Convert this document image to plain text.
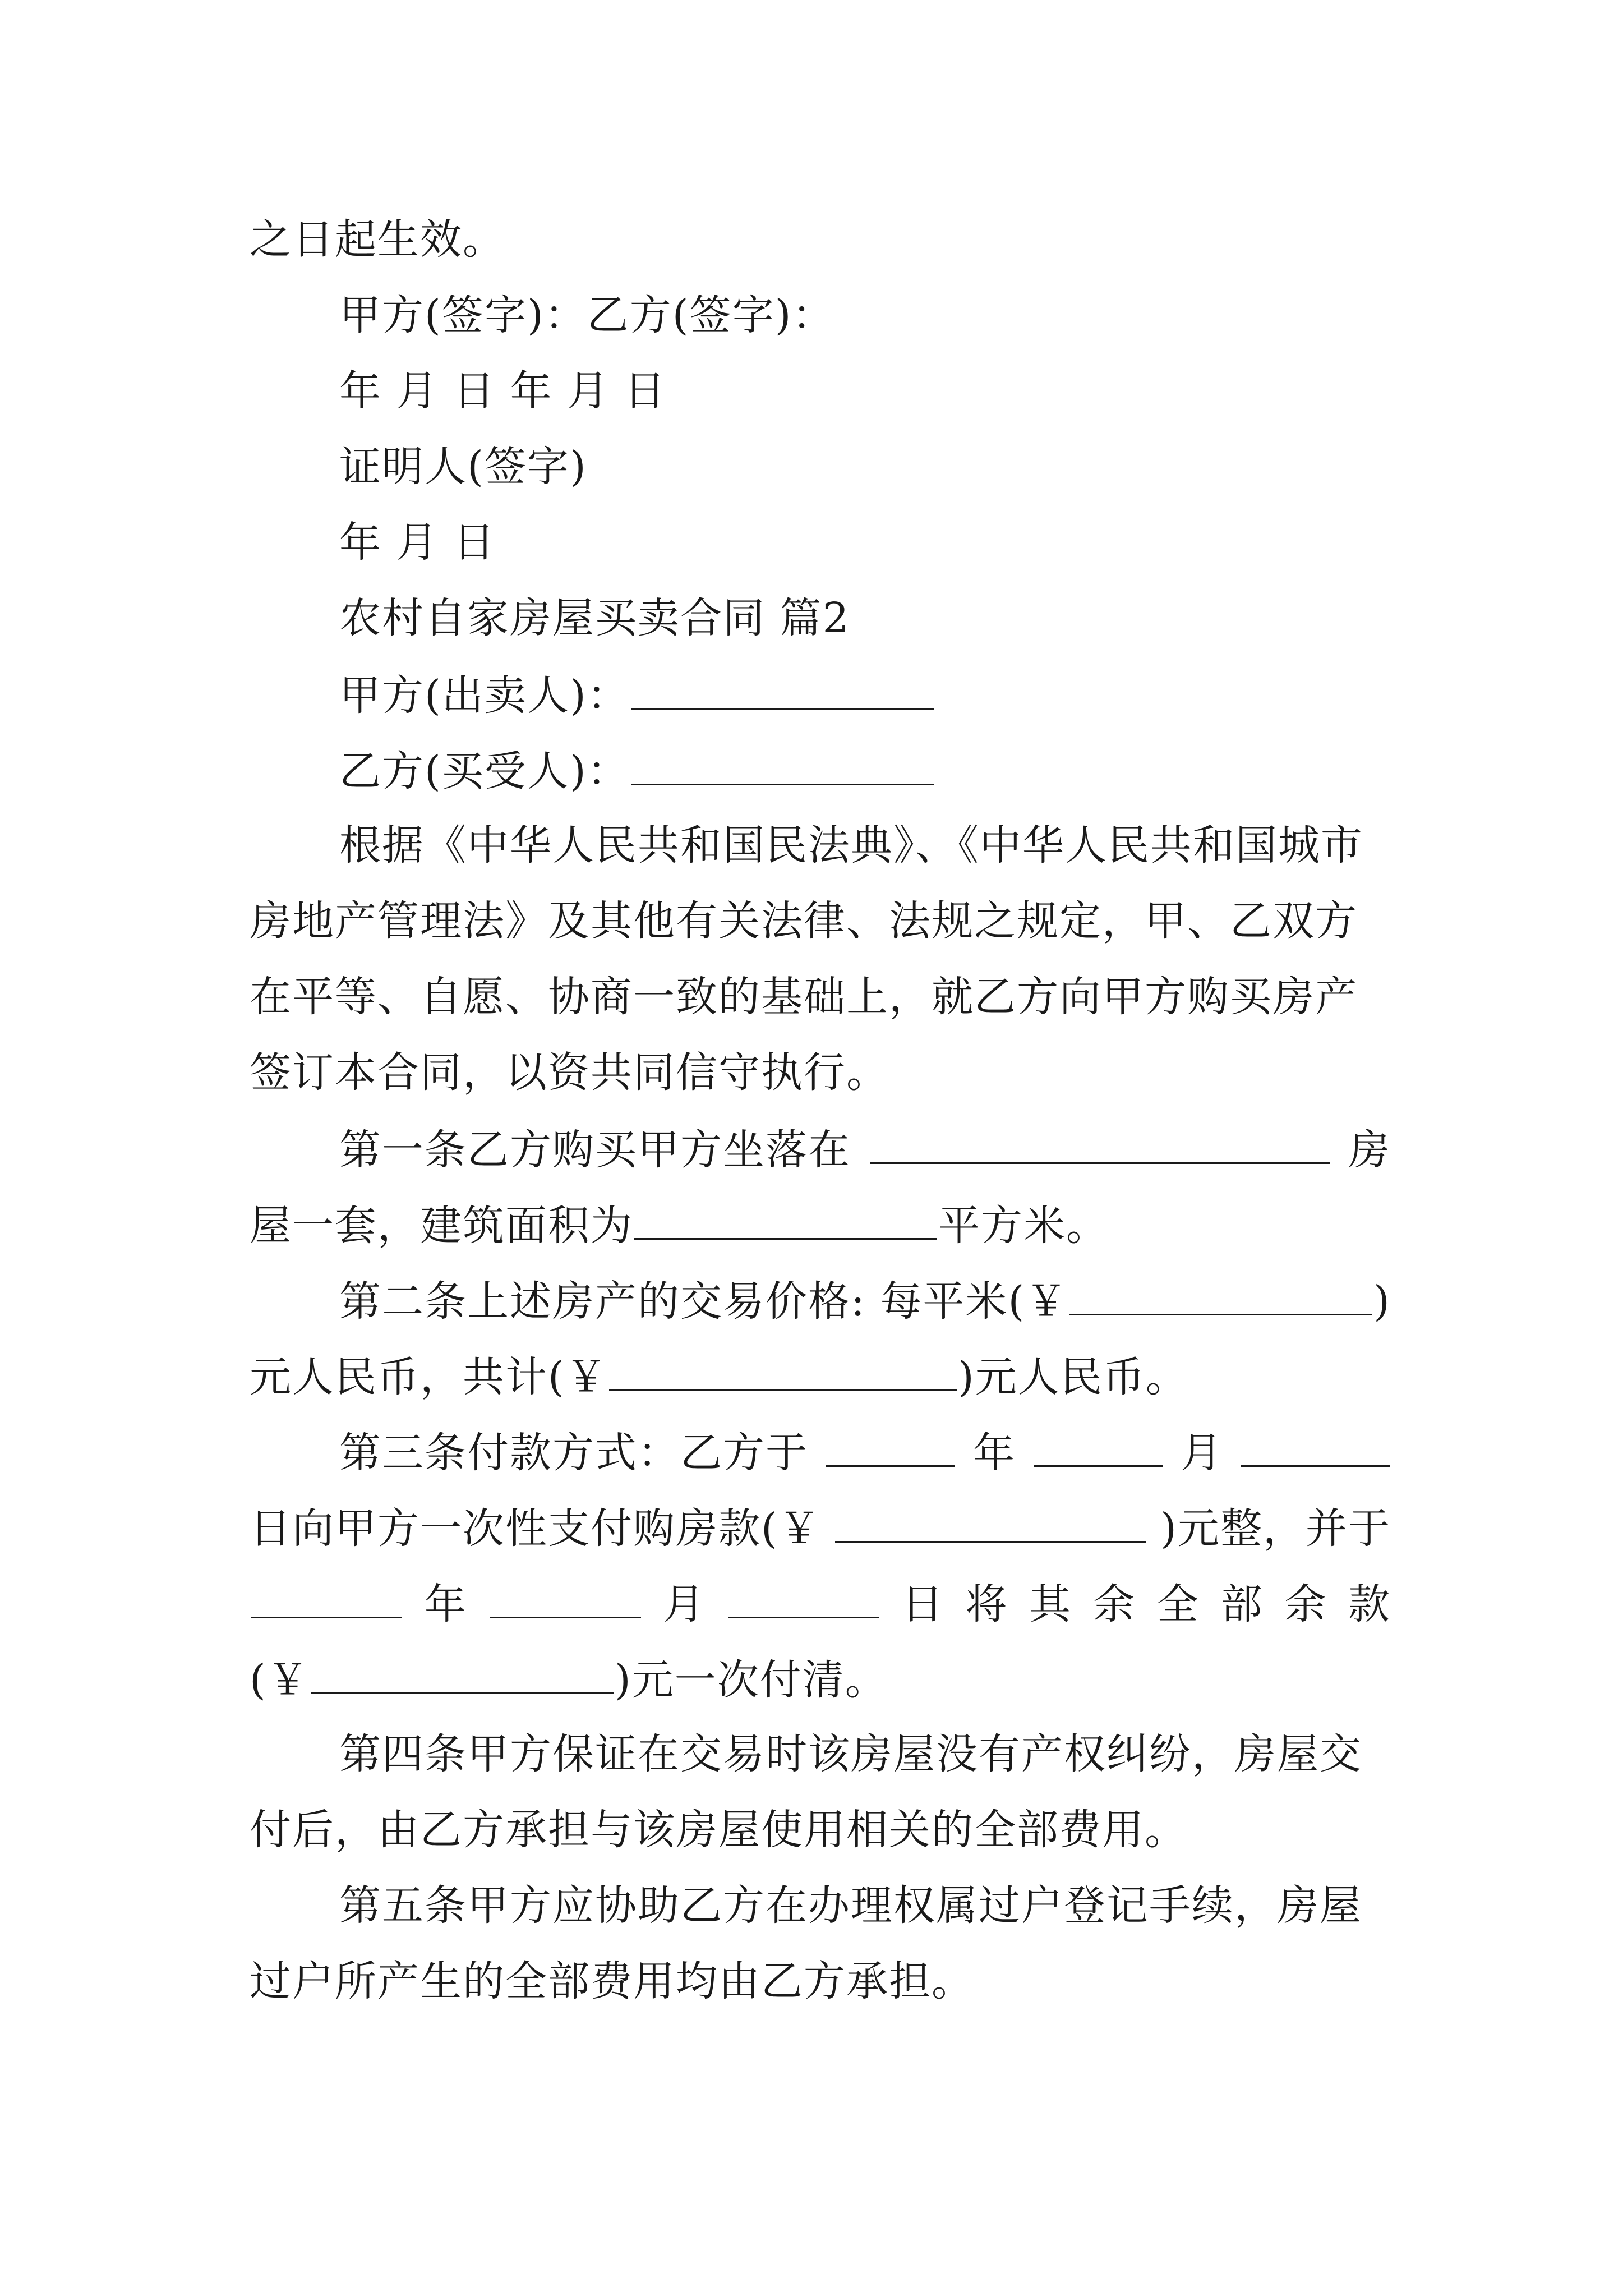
之日起生效。
甲方(签字)：乙方(签字)：
年 月 日 年 月 日
证明人(签字)
年 月 日
农村自家房屋买卖合同 篇2
甲方(出卖人)：
乙方(买受人)：
根据《中华人民共和国民法典》、《中华人民共和国城市
房地产管理法》及其他有关法律、法规之规定，甲、乙双方
在平等、自愿、协商一致的基础上，就乙方向甲方购买房产
签订本合同，以资共同信守执行。
第一条乙方购买甲方坐落在	房
屋一套，建筑面积为	平方米。
第二条上述房产的交易价格: 每平米(￥	)
元人民币，共计(￥	)元人民币。
第三条付款方式：乙方于	年	月
日向甲方一次性支付购房款(￥	)元整，并于
年	月	日 将 其 余 全 部 余 款
(￥	)元一次付清。
第四条甲方保证在交易时该房屋没有产权纠纷，房屋交
付后，由乙方承担与该房屋使用相关的全部费用。
第五条甲方应协助乙方在办理权属过户登记手续，房屋
过户所产生的全部费用均由乙方承担。
